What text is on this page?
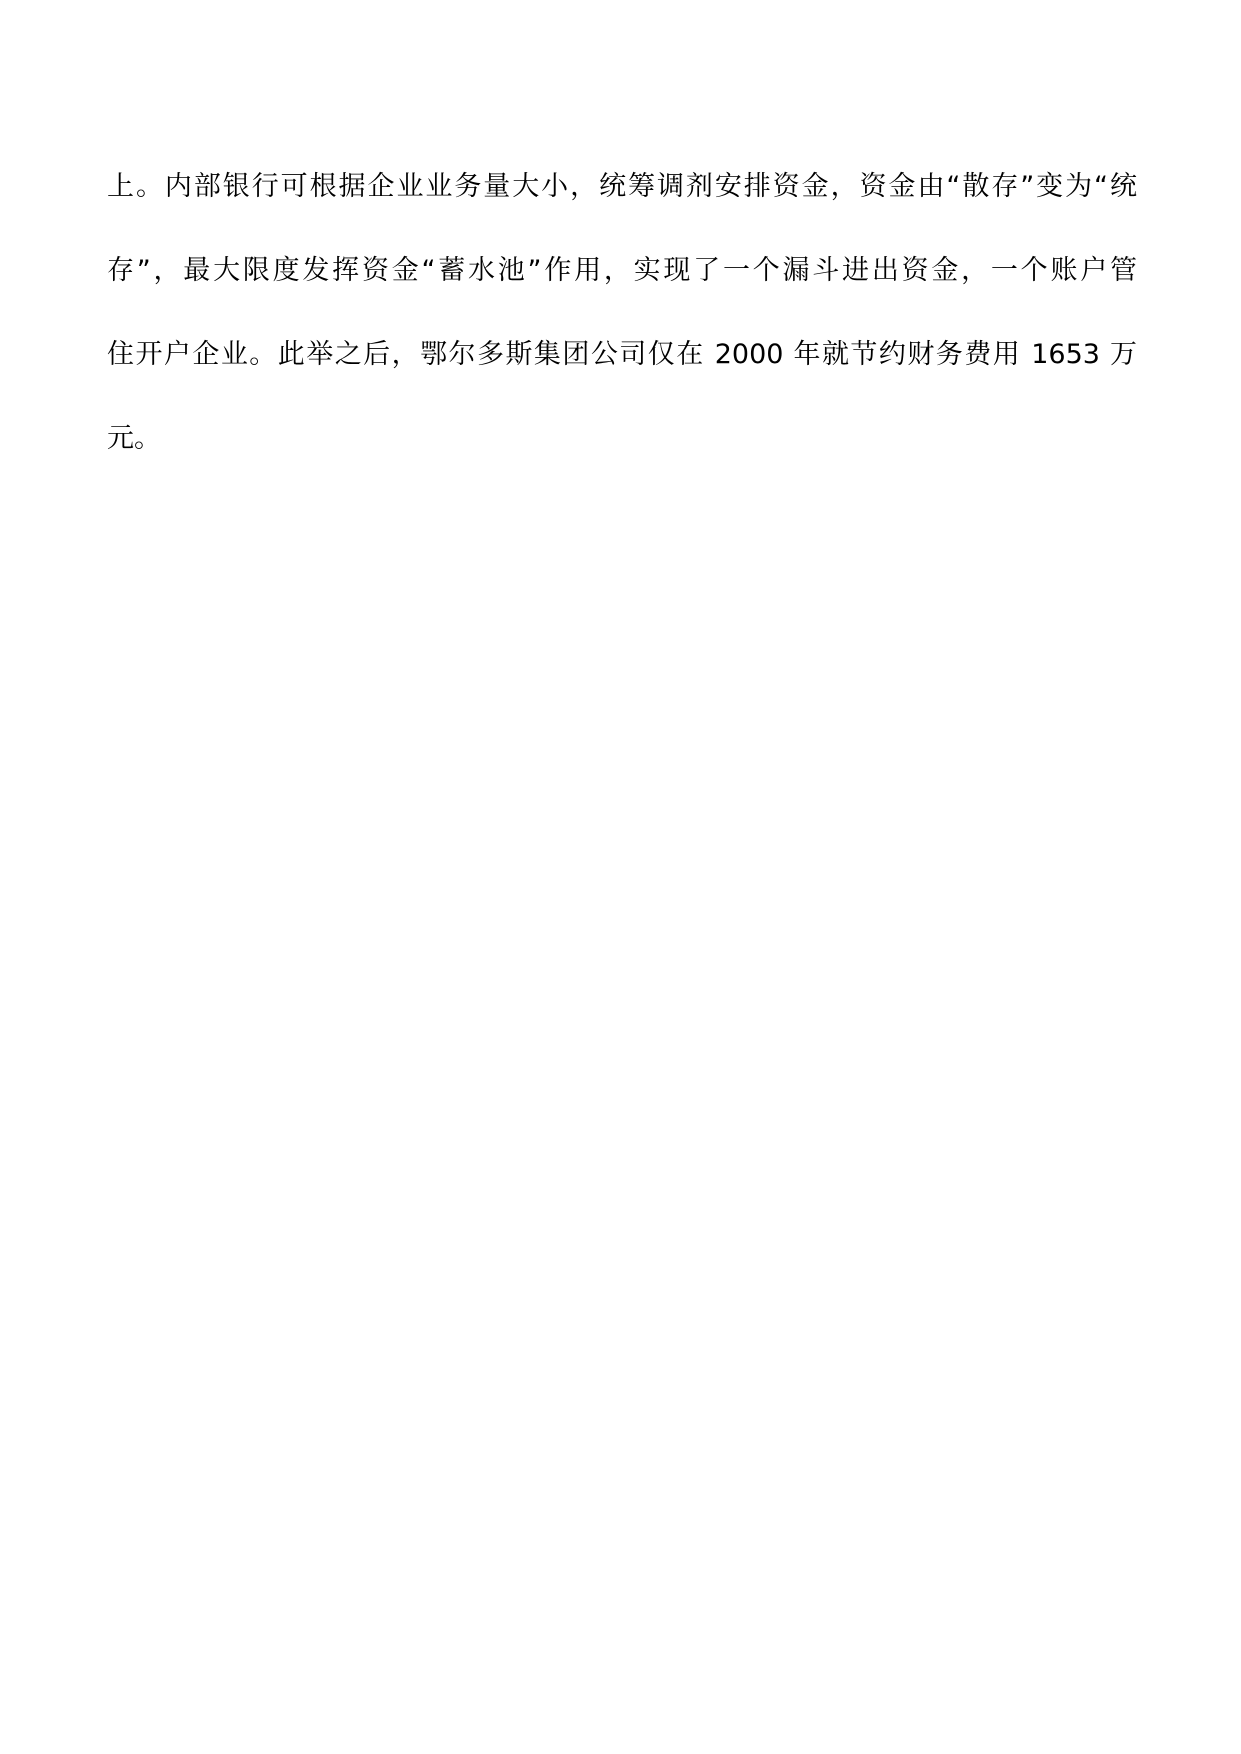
上。内部银行可根据企业业务量大小，统筹调剂安排资金，资金由“散存”变为“统
存”，最大限度发挥资金“蓄水池”作用，实现了一个漏斗进出资金，一个账户管
住开户企业。此举之后，鄂尔多斯集团公司仅在 2000 年就节约财务费用 1653 万
元。
